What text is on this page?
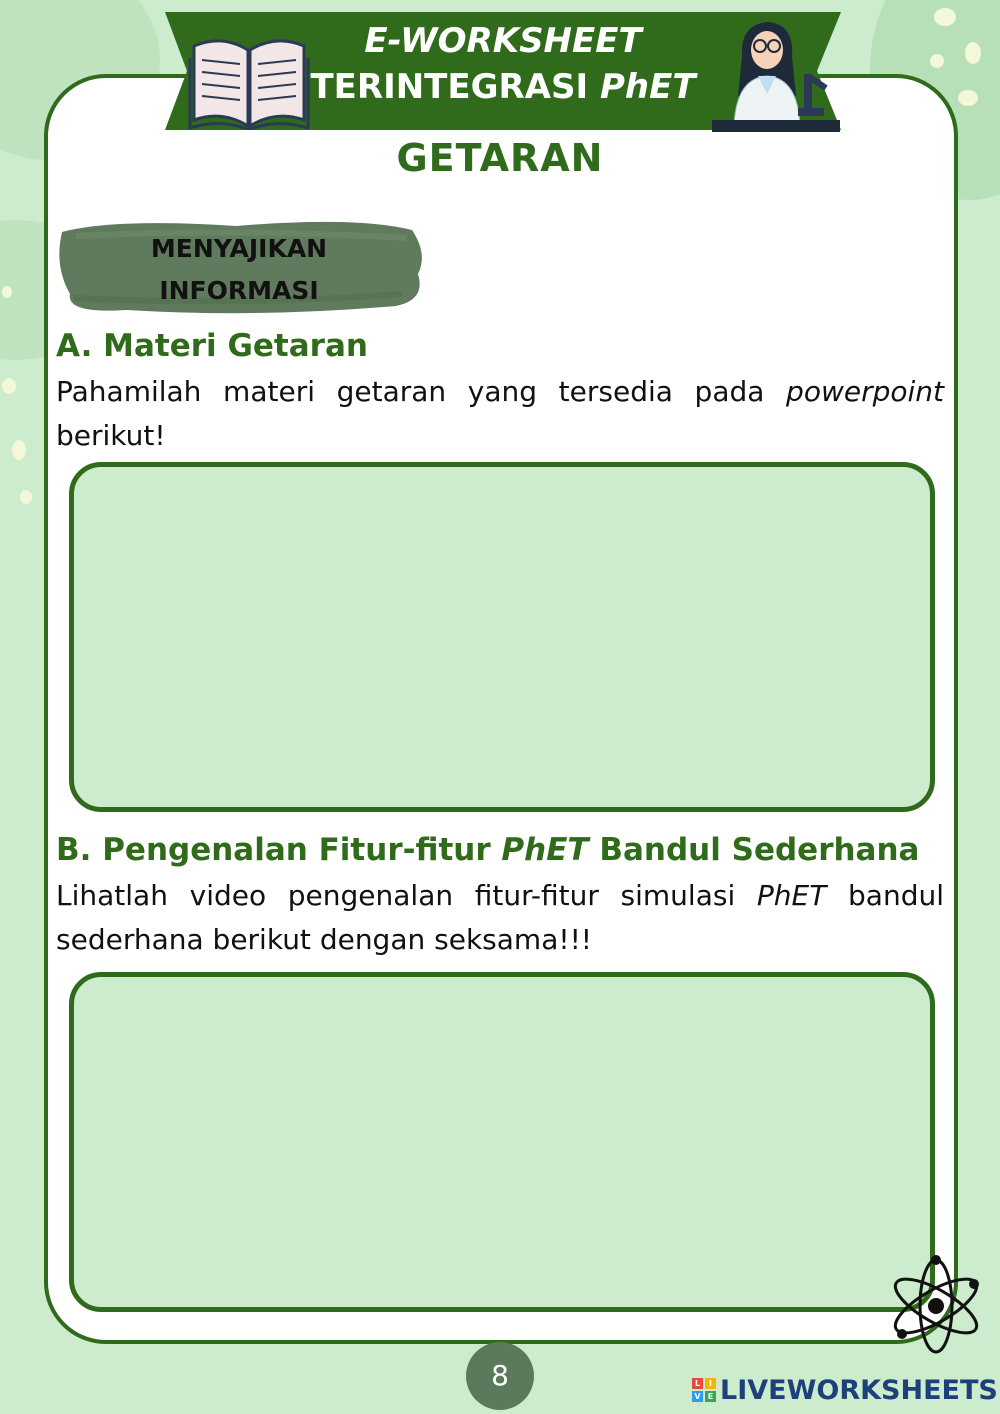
E-WORKSHEET
TERINTEGRASI PhET
GETARAN
MENYAJIKAN
INFORMASI
A. Materi Getaran

Pahamilah materi getaran yang tersedia pada powerpoint berikut!

B. Pengenalan Fitur-fitur PhET Bandul Sederhana

Lihatlah video pengenalan fitur-fitur simulasi PhET bandul sederhana berikut dengan seksama!!!

8	L	I
V E LIVEWORKSHEETS
